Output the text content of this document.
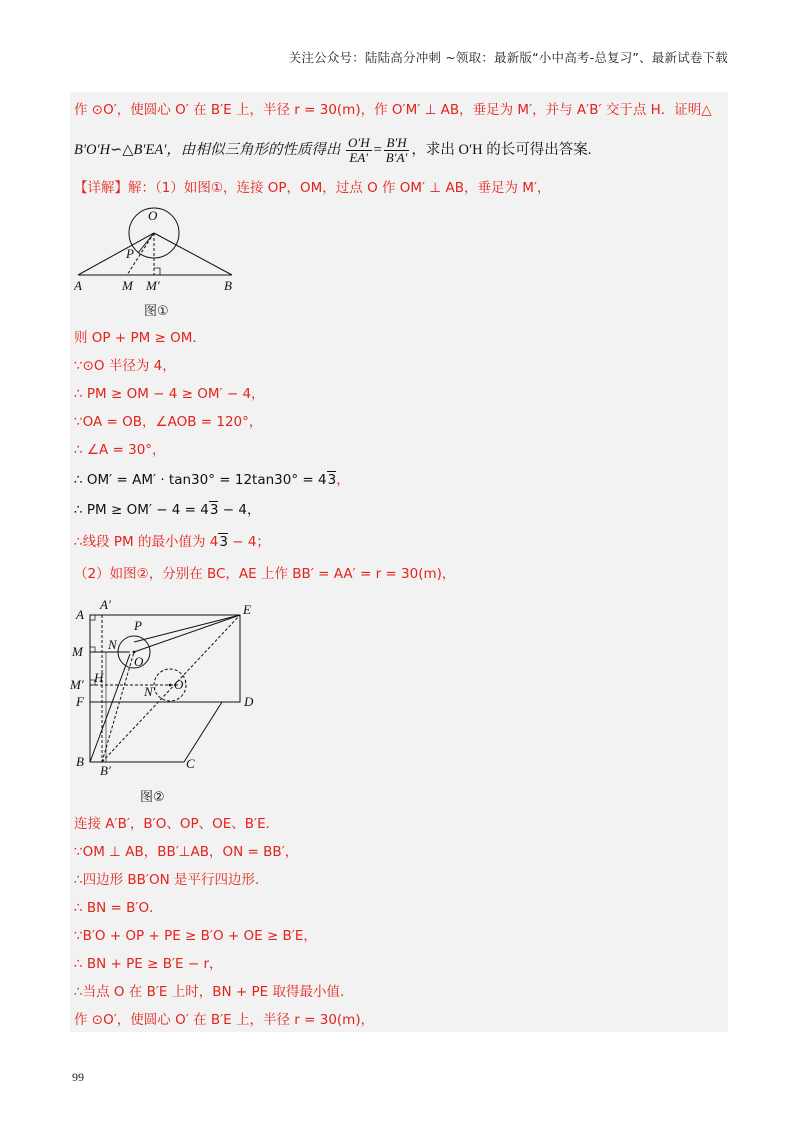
关注公众号：陆陆高分冲刺 ~领取：最新版“小中高考-总复习”、最新试卷下载
作 ⊙O′，使圆心 O′ 在 B′E 上，半径 r = 30(m)，作 O′M′ ⊥ AB，垂足为 M′，并与 A′B′ 交于点 H．证明△
B′O′H∽△B′EA′，由相似三角形的性质得出 $\frac{O'H}{EA'} = \frac{B'H}{B'A'}$ ，求出 O′H 的长可得出答案.
【详解】解：（1）如图①，连接 OP，OM，过点 O 作 OM′ ⊥ AB，垂足为 M′，
O
P
A	M M′	B
图①
则 OP + PM ≥ OM．
∵⊙O 半径为 4，
∴ PM ≥ OM − 4 ≥ OM′ − 4，
∵OA = OB，∠AOB = 120°，
∴ ∠A = 30°，
∴ OM′ = AM′ · tan30° = 12tan30° = 43，
∴ PM ≥ OM′ − 4 = 43 − 4，
∴线段 PM 的最小值为 43 − 4；
（2）如图②，分别在 BC，AE 上作 BB′ = AA′ = r = 30(m)，
A
A′	E
P
N
M
O
M′ H
N′ O′
F	D
B
B′	C
图②
连接 A′B′，B′O、OP、OE、B′E．
∵OM ⊥ AB，BB′⊥AB，ON = BB′，
∴四边形 BB′ON 是平行四边形.
∴ BN = B′O．
∵B′O + OP + PE ≥ B′O + OE ≥ B′E，
∴ BN + PE ≥ B′E − r，
∴当点 O 在 B′E 上时，BN + PE 取得最小值.
作 ⊙O′，使圆心 O′ 在 B′E 上，半径 r = 30(m)，
99
